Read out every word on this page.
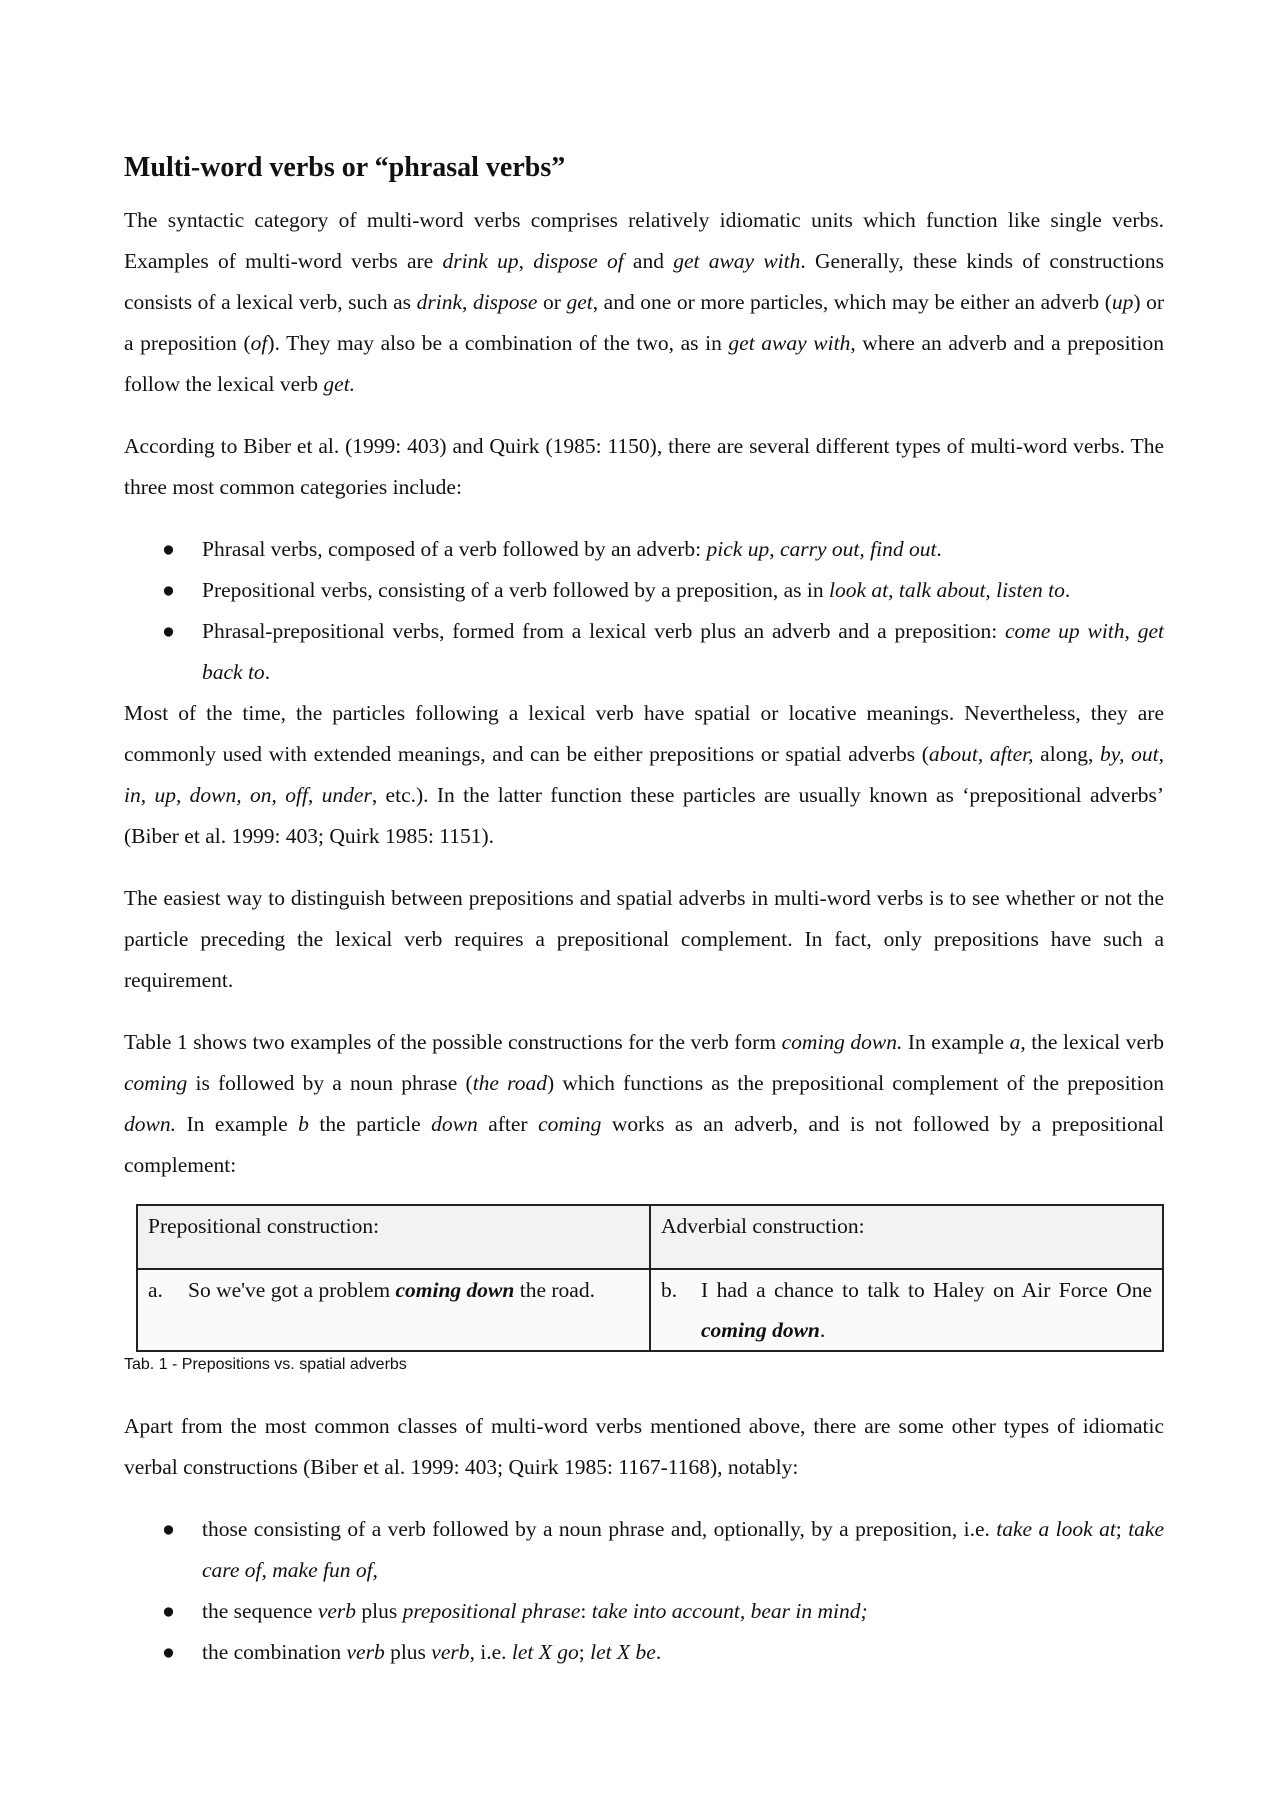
Multi-word verbs or “phrasal verbs”

The syntactic category of multi-word verbs comprises relatively idiomatic units which function like single verbs. Examples of multi-word verbs are drink up, dispose of and get away with. Generally, these kinds of constructions consists of a lexical verb, such as drink, dispose or get, and one or more particles, which may be either an adverb (up) or a preposition (of). They may also be a combination of the two, as in get away with, where an adverb and a preposition follow the lexical verb get.

According to Biber et al. (1999: 403) and Quirk (1985: 1150), there are several different types of multi-word verbs. The three most common categories include:

● Phrasal verbs, composed of a verb followed by an adverb: pick up, carry out, find out.
● Prepositional verbs, consisting of a verb followed by a preposition, as in look at, talk about, listen to.
● Phrasal-prepositional verbs, formed from a lexical verb plus an adverb and a preposition: come up with, get back to.

Most of the time, the particles following a lexical verb have spatial or locative meanings. Nevertheless, they are commonly used with extended meanings, and can be either prepositions or spatial adverbs (about, after, along, by, out, in, up, down, on, off, under, etc.). In the latter function these particles are usually known as ‘prepositional adverbs’ (Biber et al. 1999: 403; Quirk 1985: 1151).

The easiest way to distinguish between prepositions and spatial adverbs in multi-word verbs is to see whether or not the particle preceding the lexical verb requires a prepositional complement. In fact, only prepositions have such a requirement.

Table 1 shows two examples of the possible constructions for the verb form coming down. In example a, the lexical verb coming is followed by a noun phrase (the road) which functions as the prepositional complement of the preposition down. In example b the particle down after coming works as an adverb, and is not followed by a prepositional complement:

Prepositional construction:	Adverbial construction:

a. So we've got a problem coming down the road.	b. I had a chance to talk to Haley on Air Force One coming down.
Tab. 1 - Prepositions vs. spatial adverbs

Apart from the most common classes of multi-word verbs mentioned above, there are some other types of idiomatic verbal constructions (Biber et al. 1999: 403; Quirk 1985: 1167-1168), notably:

● those consisting of a verb followed by a noun phrase and, optionally, by a preposition, i.e. take a look at; take care of, make fun of,
● the sequence verb plus prepositional phrase: take into account, bear in mind;
● the combination verb plus verb, i.e. let X go; let X be.
